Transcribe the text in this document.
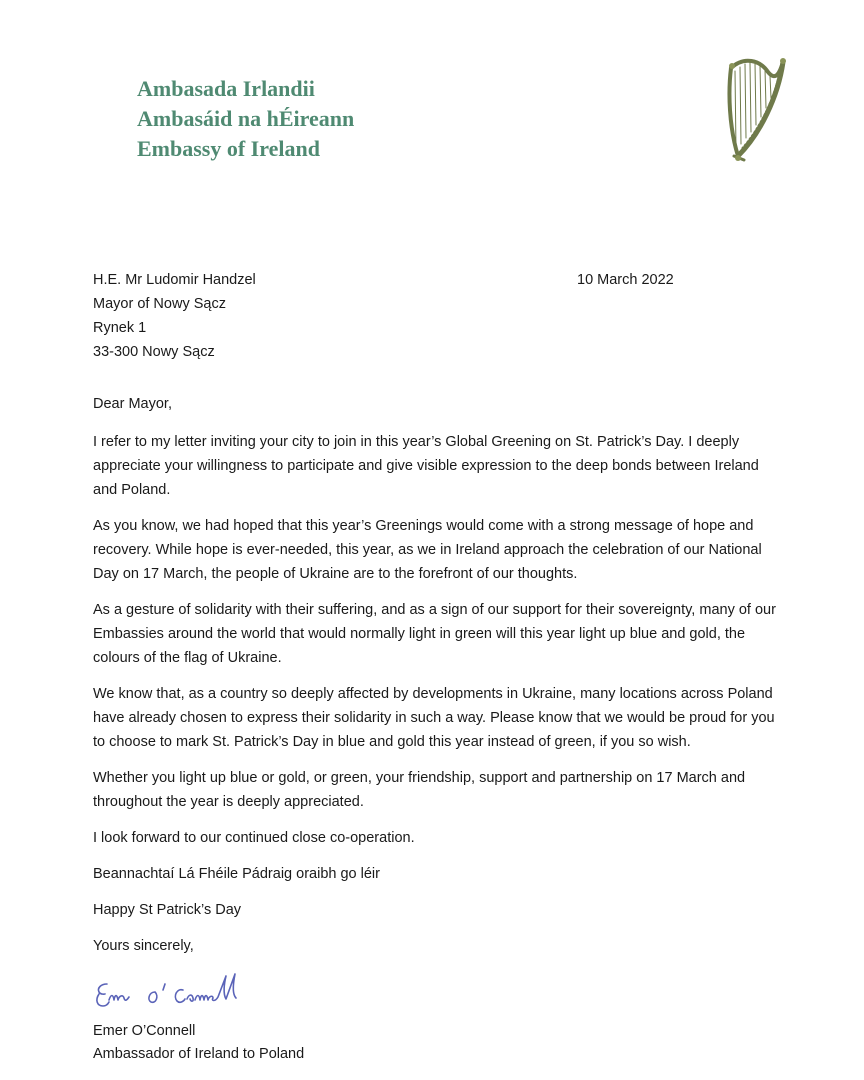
Ambasada Irlandii
Ambasáid na hÉireann
Embassy of Ireland
H.E. Mr Ludomir Handzel
Mayor of Nowy Sącz
Rynek 1
33-300 Nowy Sącz
10 March 2022

Dear Mayor,

I refer to my letter inviting your city to join in this year’s Global Greening on St. Patrick’s Day. I deeply appreciate your willingness to participate and give visible expression to the deep bonds between Ireland and Poland.

As you know, we had hoped that this year’s Greenings would come with a strong message of hope and recovery. While hope is ever-needed, this year, as we in Ireland approach the celebration of our National Day on 17 March, the people of Ukraine are to the forefront of our thoughts.

As a gesture of solidarity with their suffering, and as a sign of our support for their sovereignty, many of our Embassies around the world that would normally light in green will this year light up blue and gold, the colours of the flag of Ukraine.

We know that, as a country so deeply affected by developments in Ukraine, many locations across Poland have already chosen to express their solidarity in such a way. Please know that we would be proud for you to choose to mark St. Patrick’s Day in blue and gold this year instead of green, if you so wish.

Whether you light up blue or gold, or green, your friendship, support and partnership on 17 March and throughout the year is deeply appreciated.

I look forward to our continued close co-operation.

Beannachtaí Lá Fhéile Pádraig oraibh go léir

Happy St Patrick’s Day

Yours sincerely,

Emer O’Connell
Ambassador of Ireland to Poland
